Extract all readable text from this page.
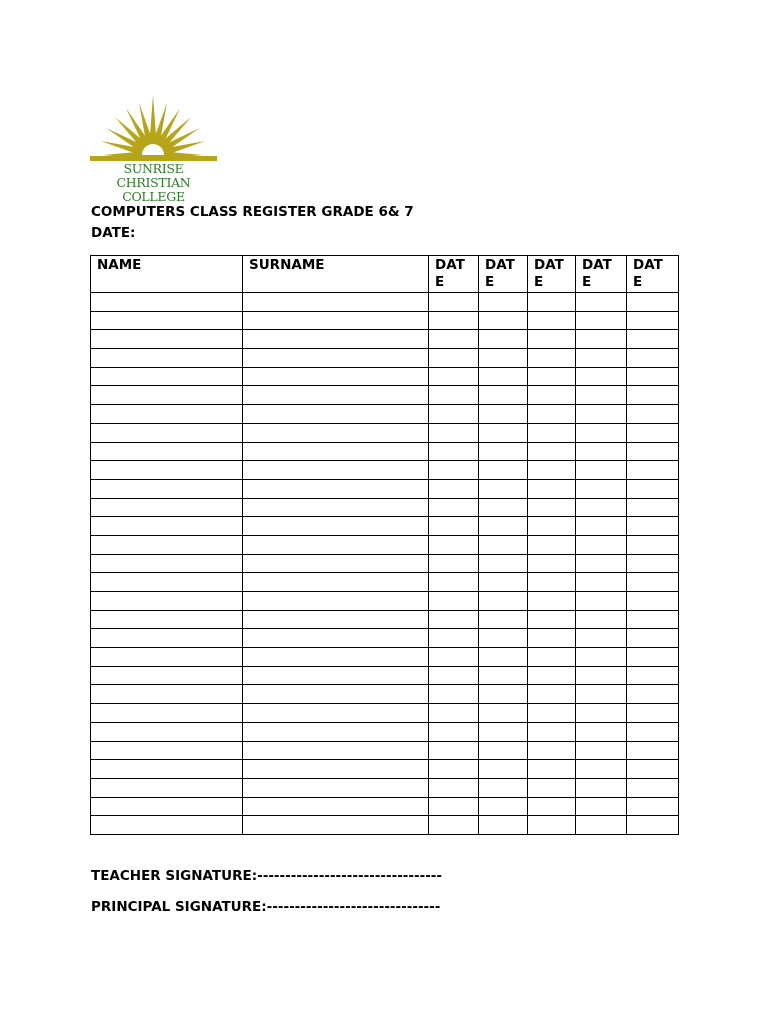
SUNRISE CHRISTIAN
COLLEGE
COMPUTERS CLASS REGISTER GRADE 6& 7
DATE:
NAME	SURNAME	DATE	DATE	DATE	DATE	DATE

TEACHER SIGNATURE:---------------------------------
PRINCIPAL SIGNATURE:-------------------------------
